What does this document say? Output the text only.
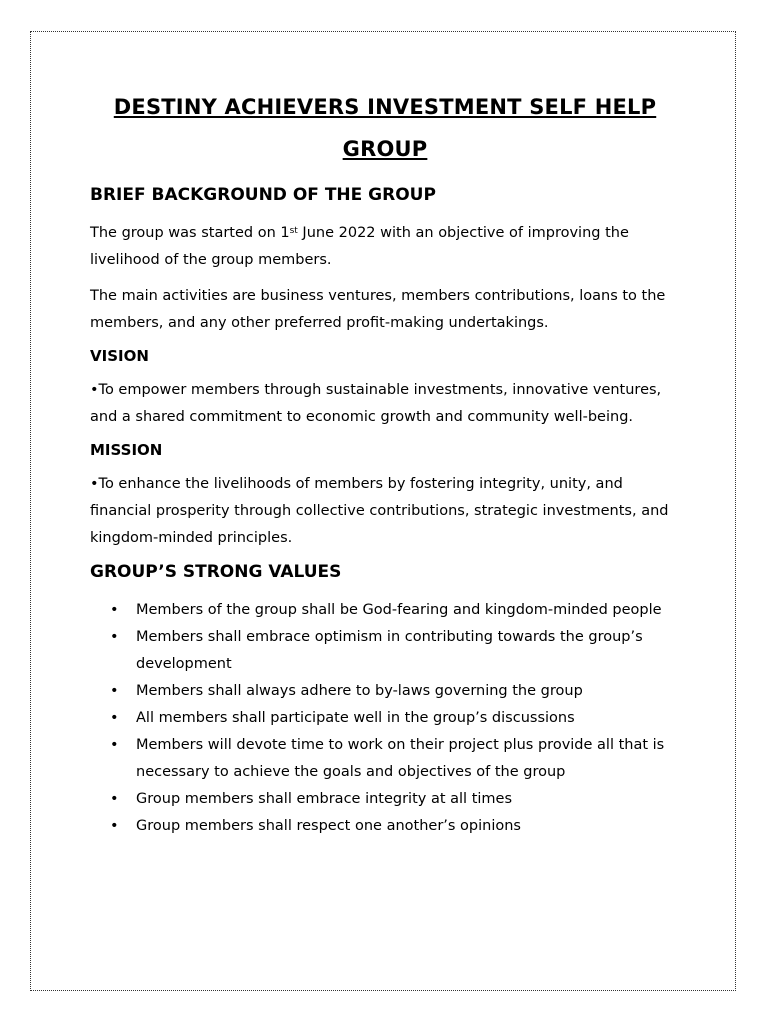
DESTINY ACHIEVERS INVESTMENT SELF HELP GROUP
BRIEF BACKGROUND OF THE GROUP

The group was started on 1st June 2022 with an objective of improving the livelihood of the group members.

The main activities are business ventures, members contributions, loans to the members, and any other preferred profit-making undertakings.

VISION

•To empower members through sustainable investments, innovative ventures, and a shared commitment to economic growth and community well-being.

MISSION

•To enhance the livelihoods of members by fostering integrity, unity, and financial prosperity through collective contributions, strategic investments, and kingdom-minded principles.

GROUP’S STRONG VALUES
• Members of the group shall be God-fearing and kingdom-minded people
• Members shall embrace optimism in contributing towards the group’s development
• Members shall always adhere to by-laws governing the group
• All members shall participate well in the group’s discussions
• Members will devote time to work on their project plus provide all that is necessary to achieve the goals and objectives of the group
• Group members shall embrace integrity at all times
• Group members shall respect one another’s opinions
